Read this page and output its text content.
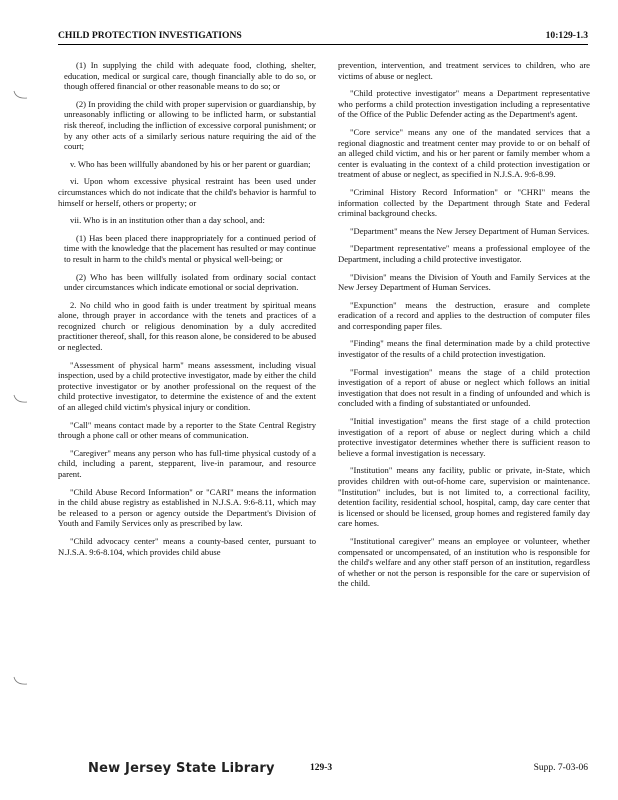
CHILD PROTECTION INVESTIGATIONS	10:129-1.3

(1) In supplying the child with adequate food, clothing, shelter, education, medical or surgical care, though financially able to do so, or though offered financial or other reasonable means to do so; or

(2) In providing the child with proper supervision or guardianship, by unreasonably inflicting or allowing to be inflicted harm, or substantial risk thereof, including the infliction of excessive corporal punishment; or by any other acts of a similarly serious nature requiring the aid of the court;

v. Who has been willfully abandoned by his or her parent or guardian;

vi. Upon whom excessive physical restraint has been used under circumstances which do not indicate that the child's behavior is harmful to himself or herself, others or property; or

vii. Who is in an institution other than a day school, and:

(1) Has been placed there inappropriately for a continued period of time with the knowledge that the placement has resulted or may continue to result in harm to the child's mental or physical well-being; or

(2) Who has been willfully isolated from ordinary social contact under circumstances which indicate emotional or social deprivation.

2. No child who in good faith is under treatment by spiritual means alone, through prayer in accordance with the tenets and practices of a recognized church or religious denomination by a duly accredited practitioner thereof, shall, for this reason alone, be considered to be abused or neglected.

"Assessment of physical harm" means assessment, including visual inspection, used by a child protective investigator, made by either the child protective investigator or by another professional on the request of the child protective investigator, to determine the existence of and the extent of an alleged child victim's physical injury or condition.

"Call" means contact made by a reporter to the State Central Registry through a phone call or other means of communication.

"Caregiver" means any person who has full-time physical custody of a child, including a parent, stepparent, live-in paramour, and resource parent.

"Child Abuse Record Information" or "CARI" means the information in the child abuse registry as established in N.J.S.A. 9:6-8.11, which may be released to a person or agency outside the Department's Division of Youth and Family Services only as prescribed by law.

"Child advocacy center" means a county-based center, pursuant to N.J.S.A. 9:6-8.104, which provides child abuse

prevention, intervention, and treatment services to children, who are victims of abuse or neglect.

"Child protective investigator" means a Department representative who performs a child protection investigation including a representative of the Office of the Public Defender acting as the Department's agent.

"Core service" means any one of the mandated services that a regional diagnostic and treatment center may provide to or on behalf of an alleged child victim, and his or her parent or family member whom a center is evaluating in the context of a child protection investigation or treatment of abuse or neglect, as specified in N.J.S.A. 9:6-8.99.

"Criminal History Record Information" or "CHRI" means the information collected by the Department through State and Federal criminal background checks.

"Department" means the New Jersey Department of Human Services.

"Department representative" means a professional employee of the Department, including a child protective investigator.

"Division" means the Division of Youth and Family Services at the New Jersey Department of Human Services.

"Expunction" means the destruction, erasure and complete eradication of a record and applies to the destruction of computer files and corresponding paper files.

"Finding" means the final determination made by a child protective investigator of the results of a child protection investigation.

"Formal investigation" means the stage of a child protection investigation of a report of abuse or neglect which follows an initial investigation that does not result in a finding of unfounded and which is concluded with a finding of substantiated or unfounded.

"Initial investigation" means the first stage of a child protection investigation of a report of abuse or neglect during which a child protective investigator determines whether there is sufficient reason to believe a formal investigation is necessary.

"Institution" means any facility, public or private, in-State, which provides children with out-of-home care, supervision or maintenance. "Institution" includes, but is not limited to, a correctional facility, detention facility, residential school, hospital, camp, day care center that is licensed or should be licensed, group homes and registered family day care homes.

"Institutional caregiver" means an employee or volunteer, whether compensated or uncompensated, of an institution who is responsible for the child's welfare and any other staff person of an institution, regardless of whether or not the person is responsible for the care or supervision of the child.

New Jersey State Library	129-3	Supp. 7-03-06
